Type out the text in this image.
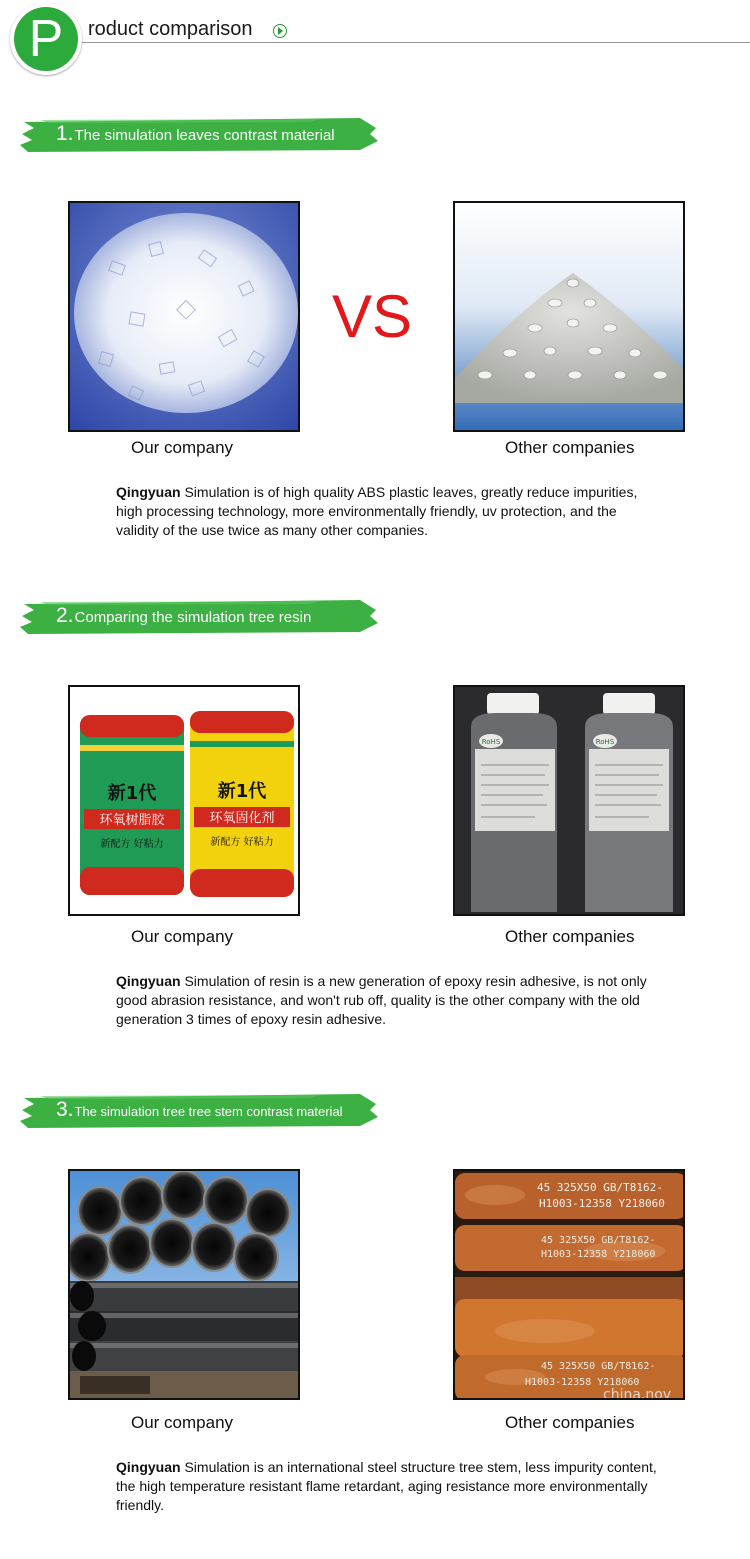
P	roduct comparison
1.The simulation leaves contrast material
VS
Our company	Other companies
Qingyuan Simulation is of high quality ABS plastic leaves, greatly reduce impurities, high processing technology, more environmentally friendly, uv protection, and the validity of the use twice as many other companies.
2.Comparing the simulation tree resin
新1代
环氧树脂胶
新配方 好粘力
新1代
环氧固化剂
新配方 好粘力
RoHS	RoHS
Our company	Other companies
Qingyuan Simulation of resin is a new generation of epoxy resin adhesive, is not only good abrasion resistance, and won't rub off, quality is the other company with the old generation 3 times of epoxy resin adhesive.
3.The simulation tree tree stem contrast material
45 325X50 GB/T8162-
H1003-12358 Y218060
45 325X50 GB/T8162-
H1003-12358 Y218060
45 325X50 GB/T8162-
H1003-12358 Y218060
china.nov
Our company	Other companies
Qingyuan Simulation is an international steel structure tree stem, less impurity content, the high temperature resistant flame retardant, aging resistance more environmentally friendly.
